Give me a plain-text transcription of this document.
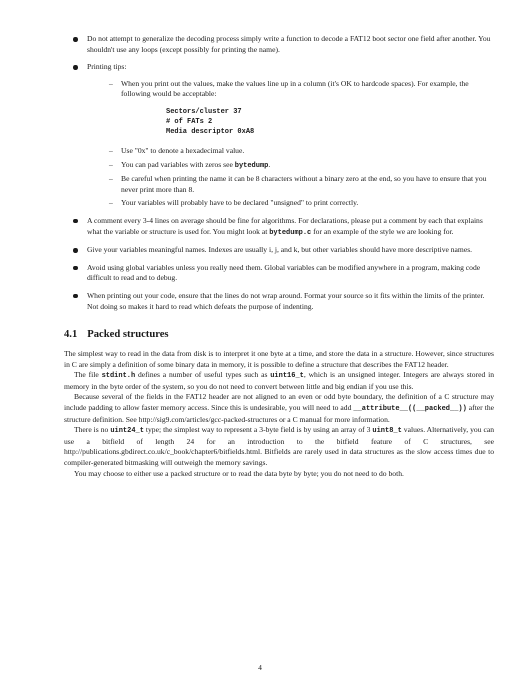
Do not attempt to generalize the decoding process simply write a function to decode a FAT12 boot sector one field after another. You shouldn't use any loops (except possibly for printing the name).
Printing tips:
– When you print out the values, make the values line up in a column (it's OK to hardcode spaces). For example, the following would be acceptable:
Sectors/cluster 37
# of FATs 2
Media descriptor 0xA8
– Use "0x" to denote a hexadecimal value.
– You can pad variables with zeros see bytedump.
– Be careful when printing the name it can be 8 characters without a binary zero at the end, so you have to ensure that you never print more than 8.
– Your variables will probably have to be declared "unsigned" to print correctly.
A comment every 3-4 lines on average should be fine for algorithms. For declarations, please put a comment by each that explains what the variable or structure is used for. You might look at bytedump.c for an example of the style we are looking for.
Give your variables meaningful names. Indexes are usually i, j, and k, but other variables should have more descriptive names.
Avoid using global variables unless you really need them. Global variables can be modified anywhere in a program, making code difficult to read and to debug.
When printing out your code, ensure that the lines do not wrap around. Format your source so it fits within the limits of the printer. Not doing so makes it hard to read which defeats the purpose of indenting.
4.1 Packed structures

The simplest way to read in the data from disk is to interpret it one byte at a time, and store the data in a structure. However, since structures in C are simply a definition of some binary data in memory, it is possible to define a structure that describes the FAT12 header.

The file stdint.h defines a number of useful types such as uint16_t, which is an unsigned integer. Integers are always stored in memory in the byte order of the system, so you do not need to convert between little and big endian if you use this.

Because several of the fields in the FAT12 header are not aligned to an even or odd byte boundary, the definition of a C structure may include padding to allow faster memory access. Since this is undesirable, you will need to add __attribute__((__packed__)) after the structure definition. See http://sig9.com/articles/gcc-packed-structures or a C manual for more information.

There is no uint24_t type; the simplest way to represent a 3-byte field is by using an array of 3 uint8_t values. Alternatively, you can use a bitfield of length 24 for an introduction to the bitfield feature of C structures, see http://publications.gbdirect.co.uk/c_book/chapter6/bitfields.html. Bitfields are rarely used in data structures as the slow access times due to compiler-generated bitmasking will outweigh the memory savings.

You may choose to either use a packed structure or to read the data byte by byte; you do not need to do both.

4
